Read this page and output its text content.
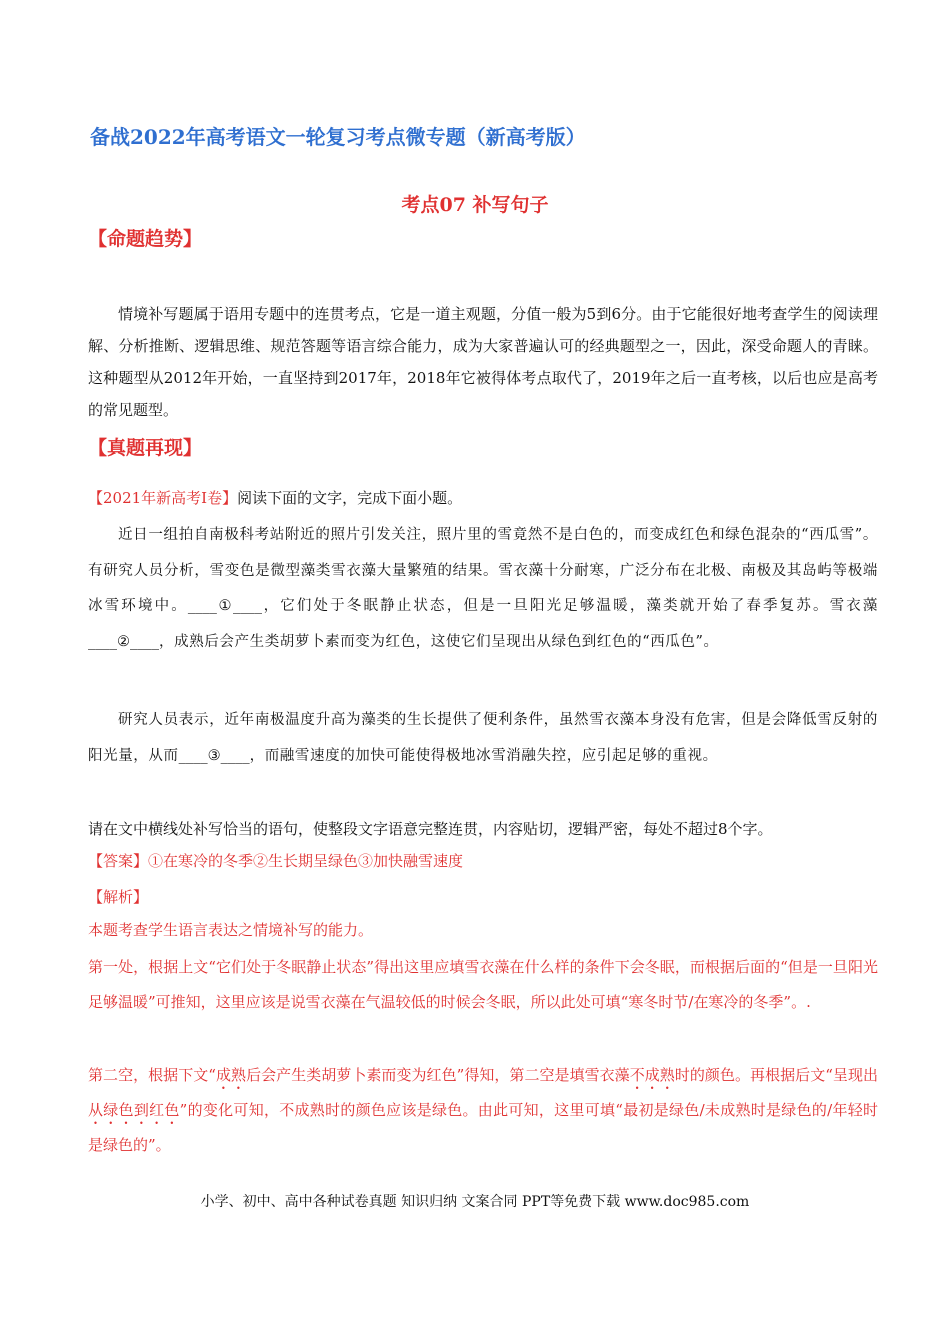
备战2022年高考语文一轮复习考点微专题（新高考版）
考点07 补写句子
【命题趋势】
情境补写题属于语用专题中的连贯考点，它是一道主观题，分值一般为5到6分。由于它能很好地考查学生的阅读理解、分析推断、逻辑思维、规范答题等语言综合能力，成为大家普遍认可的经典题型之一，因此，深受命题人的青睐。这种题型从2012年开始，一直坚持到2017年，2018年它被得体考点取代了，2019年之后一直考核，以后也应是高考的常见题型。
【真题再现】
【2021年新高考Ⅰ卷】阅读下面的文字，完成下面小题。
近日一组拍自南极科考站附近的照片引发关注，照片里的雪竟然不是白色的，而变成红色和绿色混杂的“西瓜雪”。有研究人员分析，雪变色是微型藻类雪衣藻大量繁殖的结果。雪衣藻十分耐寒，广泛分布在北极、南极及其岛屿等极端冰雪环境中。____①____，它们处于冬眠静止状态，但是一旦阳光足够温暖，藻类就开始了春季复苏。雪衣藻____②____，成熟后会产生类胡萝卜素而变为红色，这使它们呈现出从绿色到红色的“西瓜色”。
研究人员表示，近年南极温度升高为藻类的生长提供了便利条件，虽然雪衣藻本身没有危害，但是会降低雪反射的阳光量，从而____③____，而融雪速度的加快可能使得极地冰雪消融失控，应引起足够的重视。
请在文中横线处补写恰当的语句，使整段文字语意完整连贯，内容贴切，逻辑严密，每处不超过8个字。
【答案】①在寒冷的冬季②生长期呈绿色③加快融雪速度
【解析】
本题考查学生语言表达之情境补写的能力。
第一处，根据上文“它们处于冬眠静止状态”得出这里应填雪衣藻在什么样的条件下会冬眠，而根据后面的“但是一旦阳光足够温暖”可推知，这里应该是说雪衣藻在气温较低的时候会冬眠，所以此处可填“寒冬时节/在寒冷的冬季”。.
第二空，根据下文“成熟后会产生类胡萝卜素而变为红色”得知，第二空是填雪衣藻不成熟时的颜色。再根据后文“呈现出从绿色到红色”的变化可知，不成熟时的颜色应该是绿色。由此可知，这里可填“最初是绿色/未成熟时是绿色的/年轻时是绿色的”。
小学、初中、高中各种试卷真题 知识归纳 文案合同 PPT等免费下载 www.doc985.com
